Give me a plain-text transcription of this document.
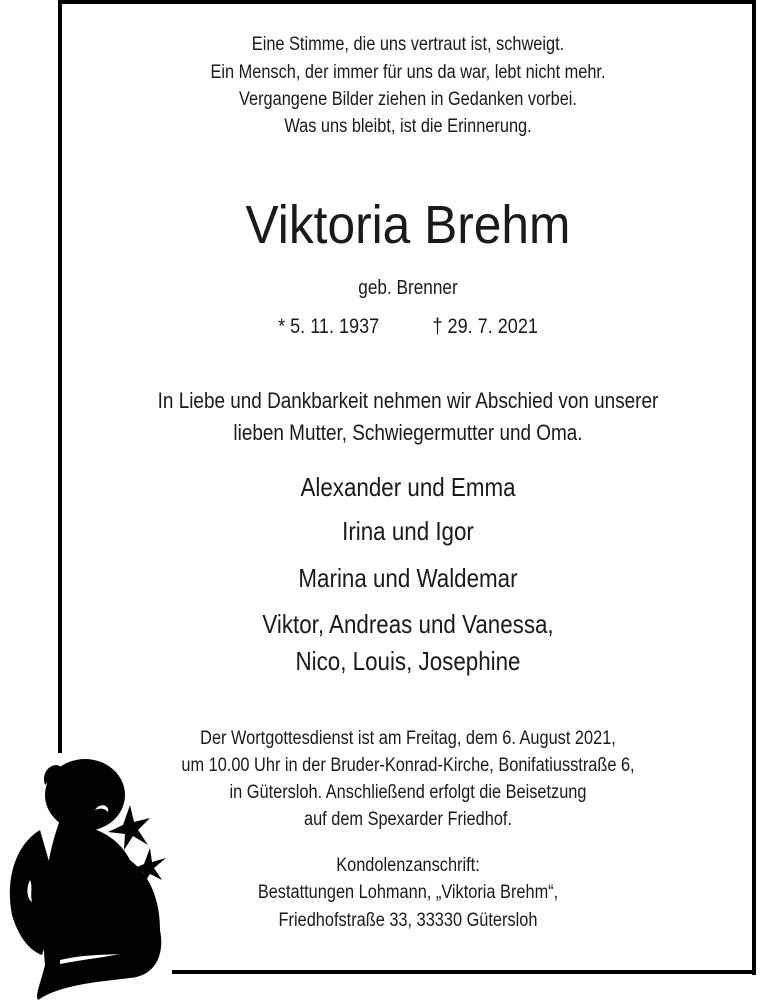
Eine Stimme, die uns vertraut ist, schweigt.
Ein Mensch, der immer für uns da war, lebt nicht mehr.
Vergangene Bilder ziehen in Gedanken vorbei.
Was uns bleibt, ist die Erinnerung.
Viktoria Brehm
geb. Brenner
* 5. 11. 1937	† 29. 7. 2021
In Liebe und Dankbarkeit nehmen wir Abschied von unserer
lieben Mutter, Schwiegermutter und Oma.
Alexander und Emma
Irina und Igor
Marina und Waldemar
Viktor, Andreas und Vanessa,
Nico, Louis, Josephine
Der Wortgottesdienst ist am Freitag, dem 6. August 2021,
um 10.00 Uhr in der Bruder-Konrad-Kirche, Bonifatiusstraße 6,
in Gütersloh. Anschließend erfolgt die Beisetzung
auf dem Spexarder Friedhof.
Kondolenzanschrift:
Bestattungen Lohmann, „Viktoria Brehm“,
Friedhofstraße 33, 33330 Gütersloh
